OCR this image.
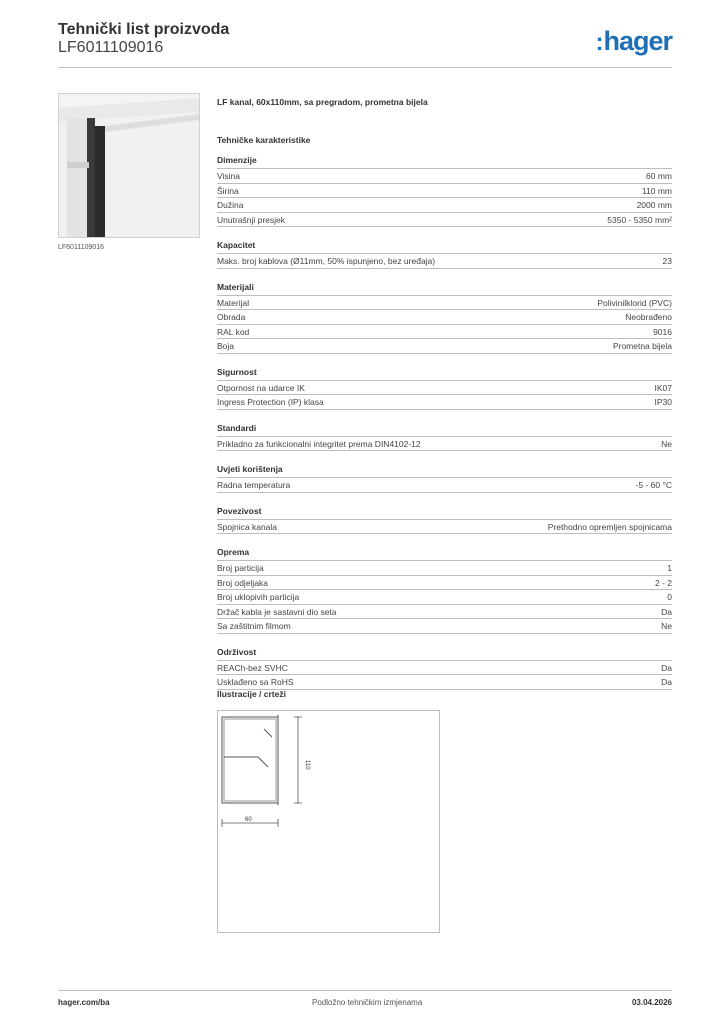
Tehnički list proizvoda
LF6011109016	:hager
LF6011109016
LF kanal, 60x110mm, sa pregradom, prometna bijela
Tehničke karakteristike
Dimenzije
Visina	60 mm
Širina	110 mm
Dužina	2000 mm
Unutrašnji presjek	5350 - 5350 mm²
Kapacitet
Maks. broj kablova (Ø11mm, 50% ispunjeno, bez uređaja)	23
Materijali
Materijal	Polivinilklorid (PVC)
Obrada	Neobrađeno
RAL kod	9016
Boja	Prometna bijela
Sigurnost
Otpornost na udarce IK	IK07
Ingress Protection (IP) klasa	IP30
Standardi
Prikladno za funkcionalni integritet prema DIN4102-12	Ne
Uvjeti korištenja
Radna temperatura	-5 - 60 °C
Povezivost
Spojnica kanala	Prethodno opremljen spojnicama
Oprema
Broj particija	1
Broj odjeljaka	2 - 2
Broj uklopivih particija	0
Držač kabla je sastavni dio seta	Da
Sa zaštitnim filmom	Ne
Održivost
REACh-bez SVHC	Da
Usklađeno sa RoHS	Da
Ilustracije / crteži
110
60
hager.com/ba	Podložno tehničkim izmjenama	03.04.2026
